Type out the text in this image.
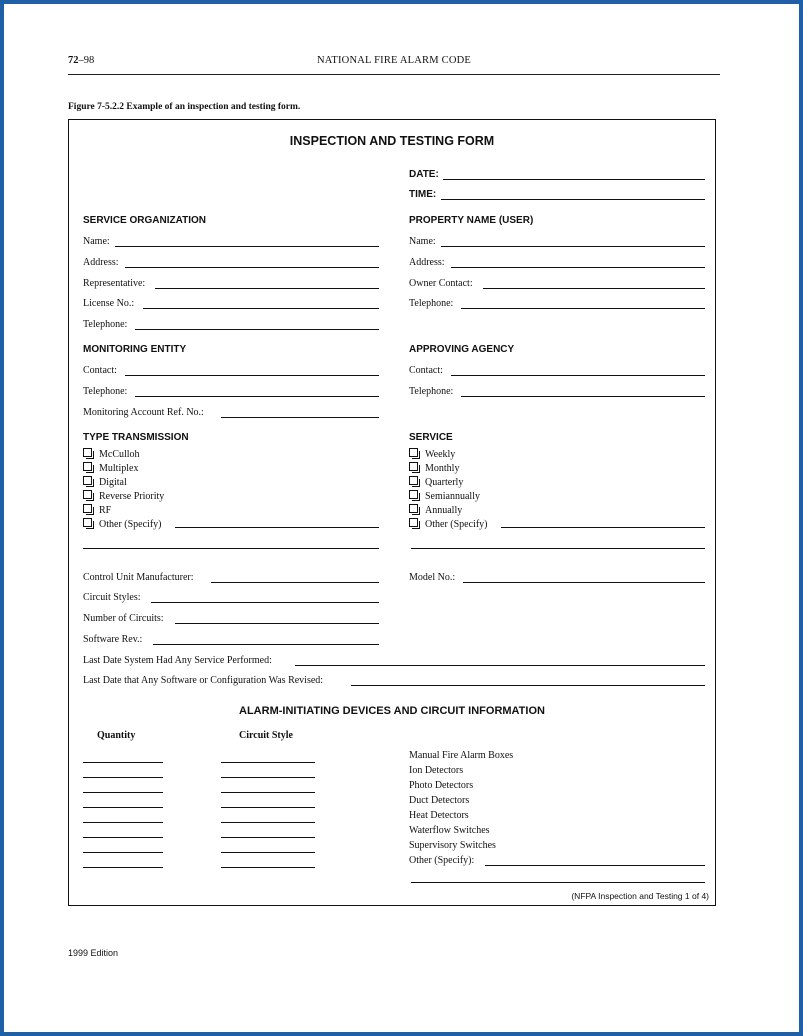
72–98	NATIONAL FIRE ALARM CODE
Figure 7-5.2.2 Example of an inspection and testing form.
INSPECTION AND TESTING FORM
DATE:
TIME:
SERVICE ORGANIZATION
Name:
Address:
Representative:
License No.:
Telephone:
PROPERTY NAME (USER)
Name:
Address:
Owner Contact:
Telephone:
MONITORING ENTITY
Contact:
Telephone:
Monitoring Account Ref. No.:
APPROVING AGENCY
Contact:
Telephone:
TYPE TRANSMISSION
McCulloh
Multiplex
Digital
Reverse Priority
RF
Other (Specify)
SERVICE
Weekly
Monthly
Quarterly
Semiannually
Annually
Other (Specify)
Control Unit Manufacturer:	Model No.:
Circuit Styles:
Number of Circuits:
Software Rev.:
Last Date System Had Any Service Performed:
Last Date that Any Software or Configuration Was Revised:
ALARM-INITIATING DEVICES AND CIRCUIT INFORMATION
Quantity	Circuit Style
Manual Fire Alarm Boxes
Ion Detectors
Photo Detectors
Duct Detectors
Heat Detectors
Waterflow Switches
Supervisory Switches
Other (Specify):
(NFPA Inspection and Testing 1 of 4)
1999 Edition
